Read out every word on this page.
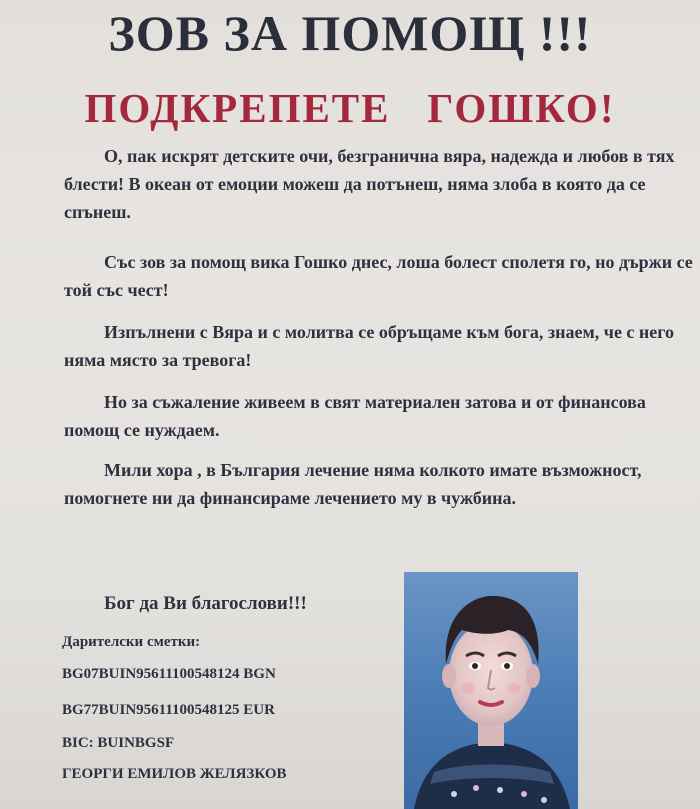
ЗОВ ЗА ПОМОЩ !!!
ПОДКРЕПЕТЕ   ГОШКО!

О, пак искрят детските очи, безгранична вяра, надежда и любов в тях блести! В океан от емоции можеш да потънеш, няма злоба в която да се спънеш.

Със зов за помощ вика Гошко днес, лоша болест сполетя го, но държи се той със чест!

Изпълнени с Вяра и с молитва се обръщаме към бога, знаем, че с него няма място за тревога!

Но за съжаление живеем в свят материален затова и от финансова помощ се нуждаем.

Мили хора , в България лечение няма колкото имате възможност, помогнете ни да финансираме лечението му в чужбина.

Бог да Ви благослови!!!
Дарителски сметки:
BG07BUIN95611100548124 BGN
BG77BUIN95611100548125 EUR
BIC: BUINBGSF
ГЕОРГИ ЕМИЛОВ ЖЕЛЯЗКОВ
